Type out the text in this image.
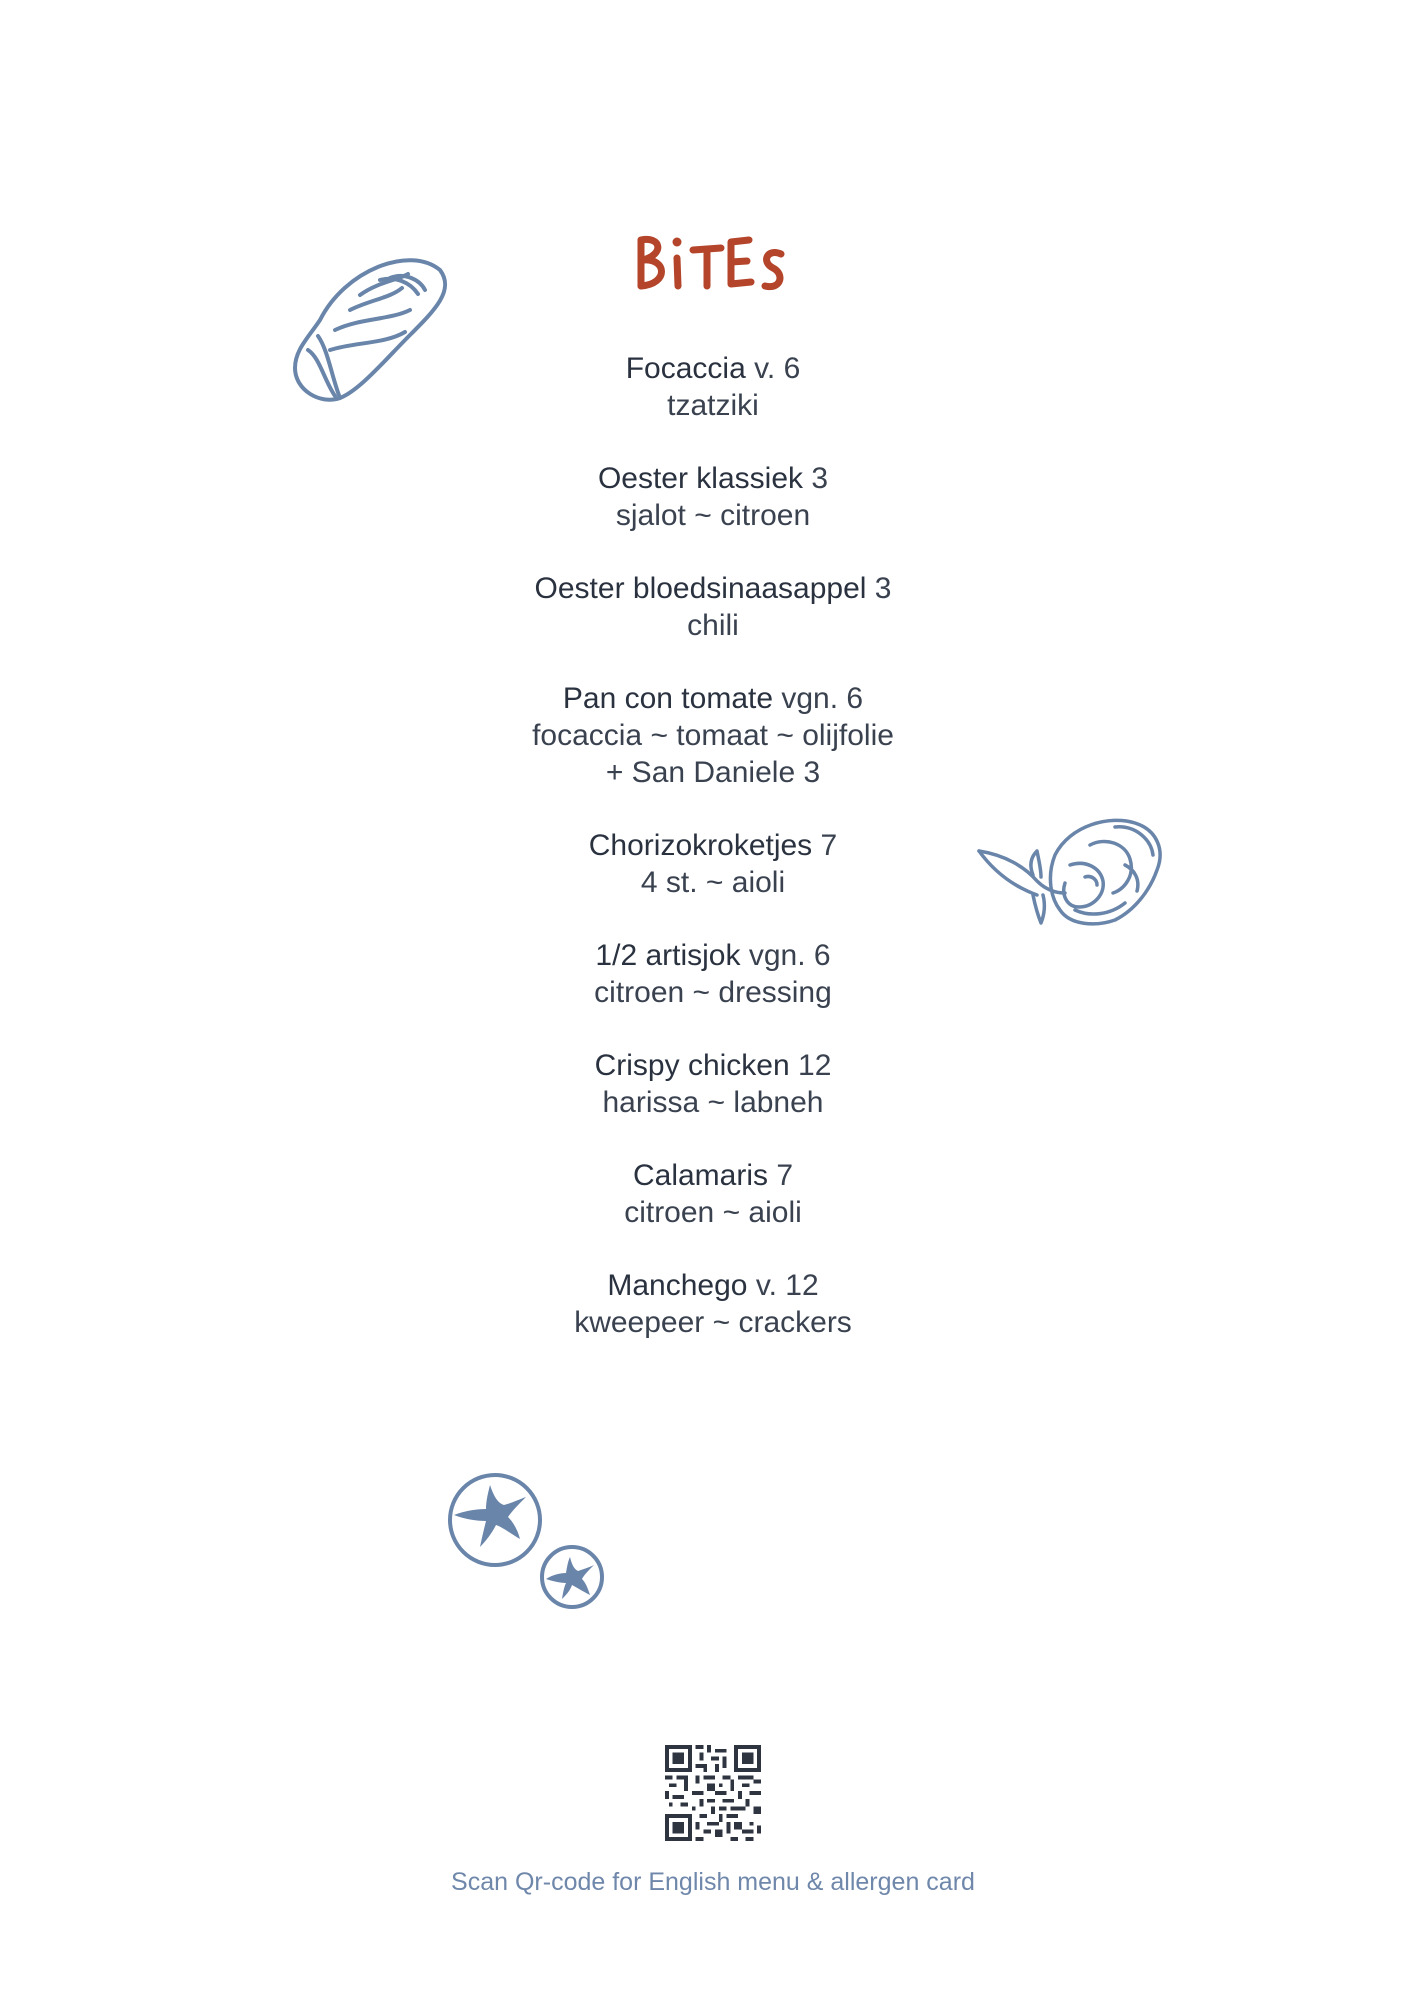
Focaccia v. 6
tzatziki
Oester klassiek 3
sjalot ~ citroen
Oester bloedsinaasappel 3
chili
Pan con tomate vgn. 6
focaccia ~ tomaat ~ olijfolie
+ San Daniele 3
Chorizokroketjes 7
4 st. ~ aioli
1/2 artisjok vgn. 6
citroen ~ dressing
Crispy chicken 12
harissa ~ labneh
Calamaris 7
citroen ~ aioli
Manchego v. 12
kweepeer ~ crackers
Scan Qr-code for English menu & allergen card
